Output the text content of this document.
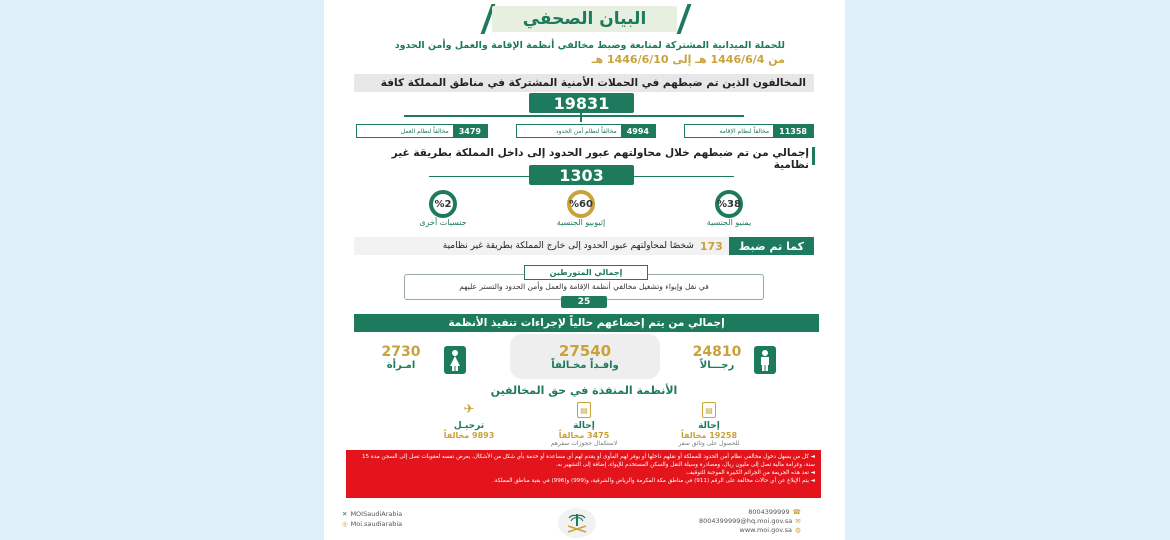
البيان الصحفي
للحملة الميدانية المشتركة لمتابعة وضبط مخالفي أنظمة الإقامة والعمل وأمن الحدود
من 1446/6/4 هـ إلى 1446/6/10 هـ
المخالفون الذين تم ضبطهم في الحملات الأمنية المشتركة في مناطق المملكة كافة
19831
11358
مخالفاً لنظام الإقامة
4994
مخالفاً لنظام أمن الحدود
3479
مخالفاً لنظام العمل
إجمالي من تم ضبطهم خلال محاولتهم عبور الحدود إلى داخل المملكة بطريقة غير نظامية
1303
%38
يمنيو الجنسية
%60
إثيوبيو الجنسية
%2
جنسيات أخرى
كما تم ضبط
173
شخصًا لمحاولتهم عبور الحدود إلى خارج المملكة بطريقة غير نظامية
إجمالي المتورطين
في نقل وإيواء وتشغيل مخالفي أنظمة الإقامة والعمل وأمن الحدود والتستر عليهم
25
إجمالي من يتم إخضاعهم حالياً لإجراءات تنفيذ الأنظمة
24810
رجـــالاً
27540
وافـداً مخـالفاً
2730
امـرأة
الأنظمة المنفذة في حق المخالفين
▤
إحالة
19258 مخالفاً
للحصول على وثائق سفر
▤
إحالة
3475 مخالفاً
لاستكمال حجوزات سفرهم
✈
ترحيـل
9893 مخالفاً
◄ كل من يسهل دخول مخالفي نظام أمن الحدود للمملكة أو نقلهم داخلها أو يوفر لهم المأوى أو يقدم لهم أي مساعدة أو خدمة بأي شكل من الأشكال، يعرض نفسه لعقوبات تصل إلى السجن مدة 15 سنة، وغرامة مالية تصل إلى مليون ريال، ومصادرة وسيلة النقل والسكن المستخدم للإيواء، إضافة إلى التشهير به.
◄ تعد هذه الجريمة من الجرائم الكبيرة الموجبة للتوقيف.
◄ يتم الإبلاغ عن أي حالات مخالفة على الرقم (911) في مناطق مكة المكرمة والرياض والشرقية، و(999) و(996) في بقية مناطق المملكة.
✕ MOISaudiArabia
◎ Moi.saudiarabia
8004399999 ☎
8004399999@hq.moi.gov.sa ✉
www.moi.gov.sa ◍
